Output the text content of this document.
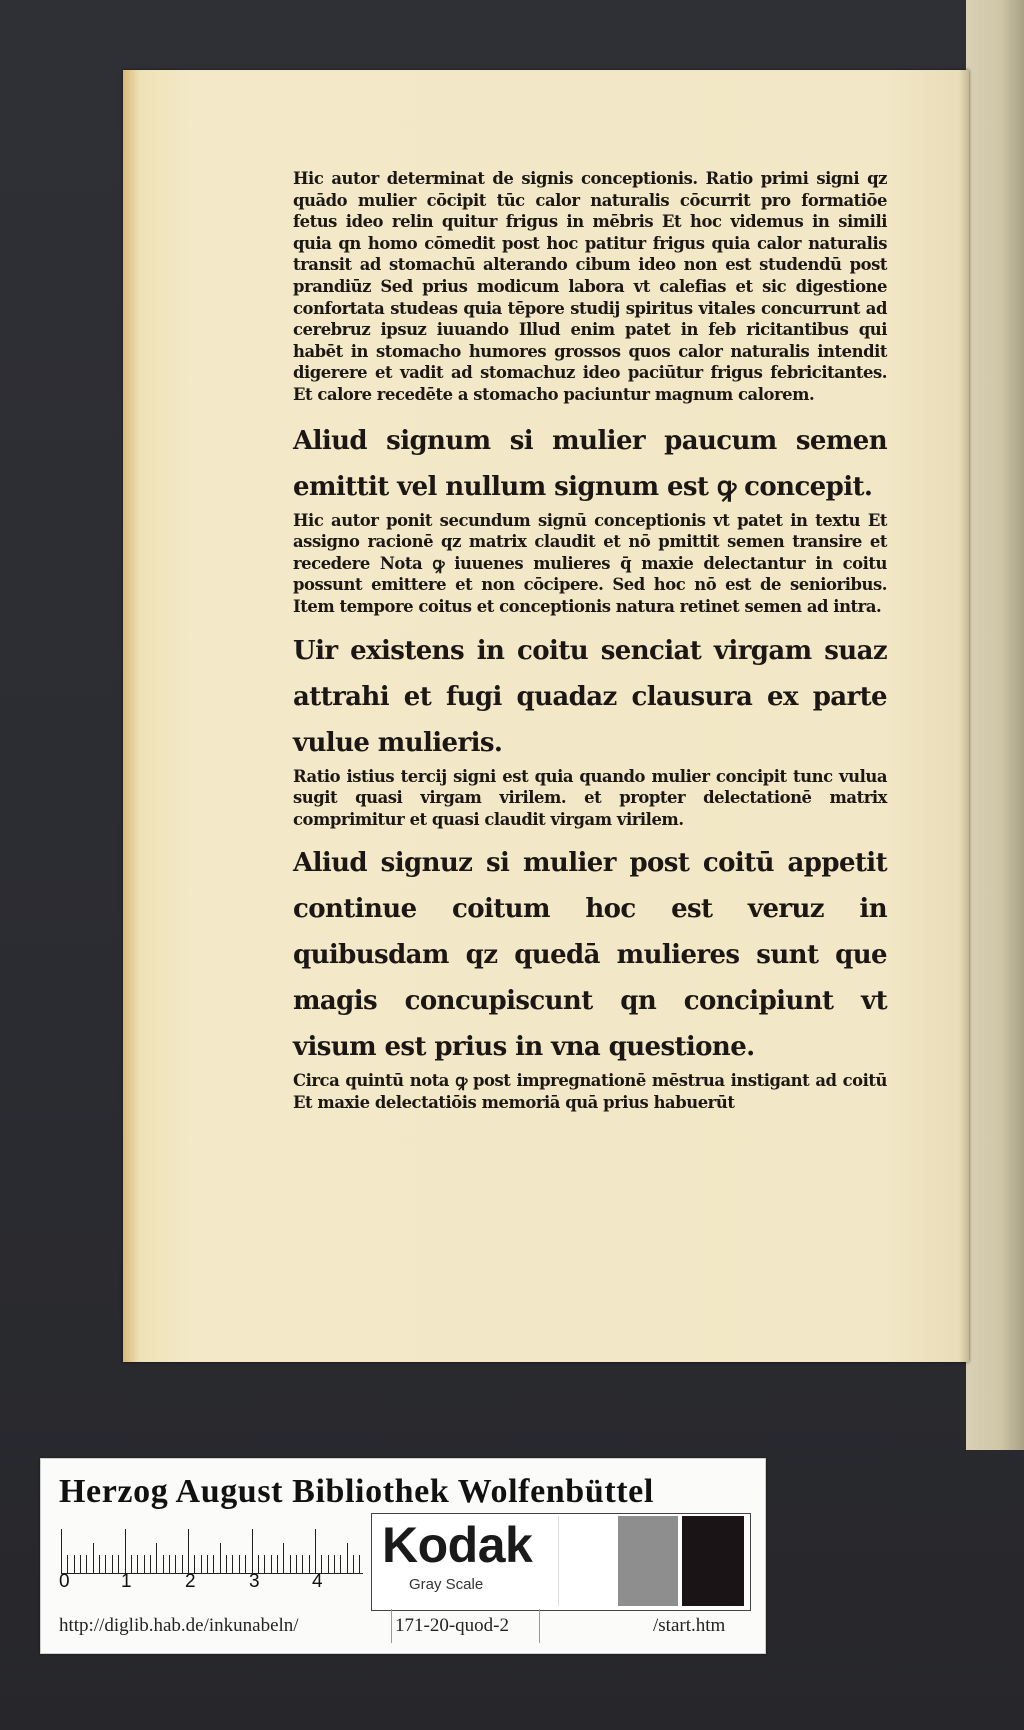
Hic autor determinat de signis conceptionis. Ratio primi signi qz quādo mulier cōcipit tūc calor naturalis cōcurrit pro formatiōe fetus ideo relin quitur frigus in mēbris Et hoc videmus in simili quia qn homo cōmedit post hoc patitur frigus quia calor naturalis transit ad stomachū alterando cibum ideo non est studendū post prandiūz Sed prius modicum labora vt calefias et sic digestione confortata studeas quia tēpore studij spiritus vitales concurrunt ad cerebruz ipsuz iuuando Illud enim patet in feb ricitantibus qui habēt in stomacho humores grossos quos calor naturalis intendit digerere et vadit ad stomachuz ideo paciūtur frigus febricitantes. Et calore recedēte a stomacho paciuntur magnum calorem.

Aliud signum si mulier paucum semen emittit vel nullum signum est ꝙ concepit.

Hic autor ponit secundum signū conceptionis vt patet in textu Et assigno racionē qz matrix claudit et nō pmittit semen transire et recedere Nota ꝙ iuuenes mulieres q̄ maxie delectantur in coitu possunt emittere et non cōcipere. Sed hoc nō est de senioribus. Item tempore coitus et conceptionis natura retinet semen ad intra.

Uir existens in coitu senciat virgam suaz attrahi et fugi quadaz clausura ex parte vulue mulieris.

Ratio istius tercij signi est quia quando mulier concipit tunc vulua sugit quasi virgam virilem. et propter delectationē matrix comprimitur et quasi claudit virgam virilem.

Aliud signuz si mulier post coitū appetit continue coitum hoc est veruz in quibusdam qz quedā mulieres sunt que magis concupiscunt qn concipiunt vt visum est prius in vna questione.

Circa quintū nota ꝙ post impregnationē mēstrua instigant ad coitū Et maxie delectatiōis memoriā quā prius habuerūt

Herzog August Bibliothek Wolfenbüttel
0	1	2	3	4
Kodak
Gray Scale
http://diglib.hab.de/inkunabeln/	171-20-quod-2	/start.htm
